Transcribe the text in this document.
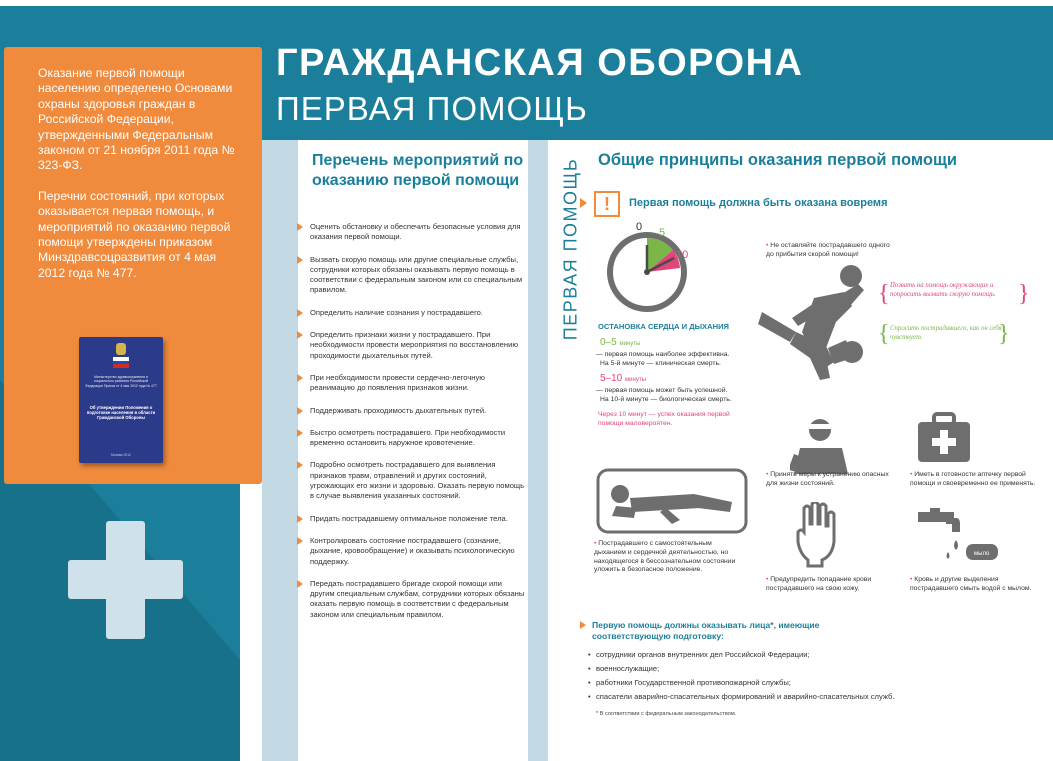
Оказание первой помощи населению определено Основами охраны здоровья граждан в Российской Федерации, утвержденными Федеральным законом от 21 ноября 2011 года № 323-ФЗ.

Перечни состояний, при которых оказывается первая помощь, и мероприятий по оказанию первой помощи утверждены приказом Минздравсоцразвития от 4 мая 2012 года № 477.

Министерство здравоохранения и социального развития Российской Федерации Приказ от 4 мая 2012 года № 477
Об утверждении Положения о подготовке населения в области Гражданской Обороны
Москва 2012
ГРАЖДАНСКАЯ ОБОРОНА
ПЕРВАЯ ПОМОЩЬ
Перечень мероприятий по оказанию первой помощи
Оценить обстановку и обеспечить безопасные условия для оказания первой помощи.
Вызвать скорую помощь или другие специальные службы, сотрудники которых обязаны оказывать первую помощь в соответствии с федеральным законом или со специальным правилом.
Определить наличие сознания у пострадавшего.
Определить признаки жизни у пострадавшего. При необходимости провести мероприятия по восстановлению проходимости дыхательных путей.
При необходимости провести сердечно-легочную реанимацию до появления признаков жизни.
Поддерживать проходимость дыхательных путей.
Быстро осмотреть пострадавшего. При необходимости временно остановить наружное кровотечение.
Подробно осмотреть пострадавшего для выявления признаков травм, отравлений и других состояний, угрожающих его жизни и здоровью. Оказать первую помощь в случае выявления указанных состояний.
Придать пострадавшему оптимальное положение тела.
Контролировать состояние пострадавшего (сознание, дыхание, кровообращение) и оказывать психологическую поддержку.
Передать пострадавшего бригаде скорой помощи или другим специальным службам, сотрудники которых обязаны оказать первую помощь в соответствии с федеральным законом или специальным правилом.
ПЕРВАЯ ПОМОЩЬ Общие принципы оказания первой помощи
!	Первая помощь должна быть оказана вовремя
0 5
10
ОСТАНОВКА СЕРДЦА И ДЫХАНИЯ
0–5 минуты
— первая помощь наиболее эффективна.
На 5-й минуте — клиническая смерть.
5–10 минуты
— первая помощь может быть успешной.
На 10-й минуте — биологическая смерть.
Через 10 минут — успех оказания первой
помощи маловероятен.
• Не оставляйте пострадавшего одного до прибытия скорой помощи!
{ Позвать на помощь окружающих и попросить вызвать скорую помощь. }
{ Спросить пострадавшего, как он себя чувствует.	}
• Принять меры к устранению опасных для жизни состояний.
• Иметь в готовности аптечку первой помощи и своевременно ее применять.
мыло
• Пострадавшего с самостоятельным дыханием и сердечной деятельностью, но находящегося в бессознательном состоянии уложить в безопасное положение.
• Предупредить попадание крови пострадавшего на свою кожу.
• Кровь и другие выделения пострадавшего смыть водой с мылом.
Первую помощь должны оказывать лица*, имеющие соответствующую подготовку:
• сотрудники органов внутренних дел Российской Федерации;
• военнослужащие;
• работники Государственной противопожарной службы;
• спасатели аварийно-спасательных формирований и аварийно-спасательных служб.
* В соответствии с федеральным законодательством.
